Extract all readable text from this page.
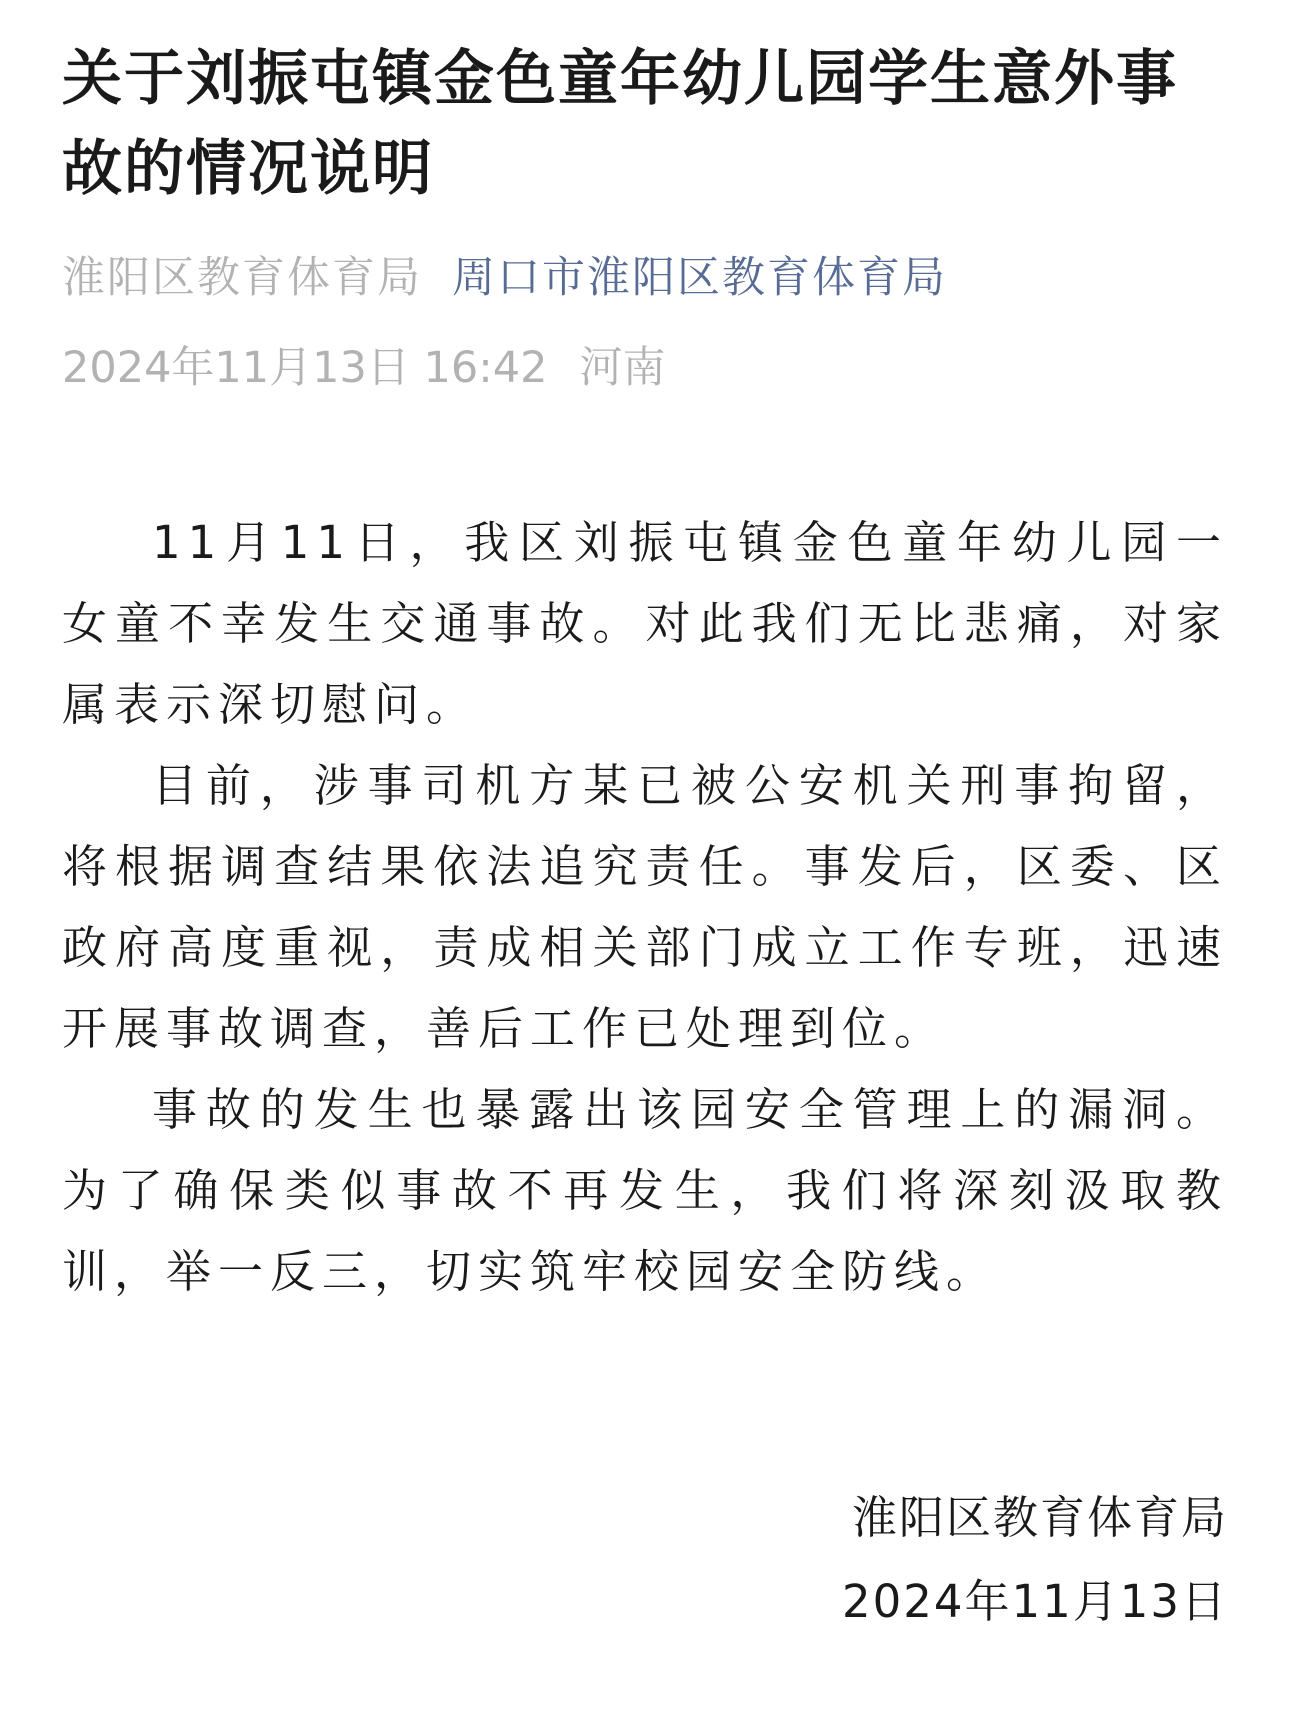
关于刘振屯镇金色童年幼儿园学生意外事故的情况说明
淮阳区教育体育局 周口市淮阳区教育体育局
2024年11月13日 16:42 河南

11月11日，我区刘振屯镇金色童年幼儿园一女童不幸发生交通事故。对此我们无比悲痛，对家属表示深切慰问。

目前，涉事司机方某已被公安机关刑事拘留，将根据调查结果依法追究责任。事发后，区委、区政府高度重视，责成相关部门成立工作专班，迅速开展事故调查，善后工作已处理到位。

事故的发生也暴露出该园安全管理上的漏洞。为了确保类似事故不再发生，我们将深刻汲取教训，举一反三，切实筑牢校园安全防线。

淮阳区教育体育局
2024年11月13日
